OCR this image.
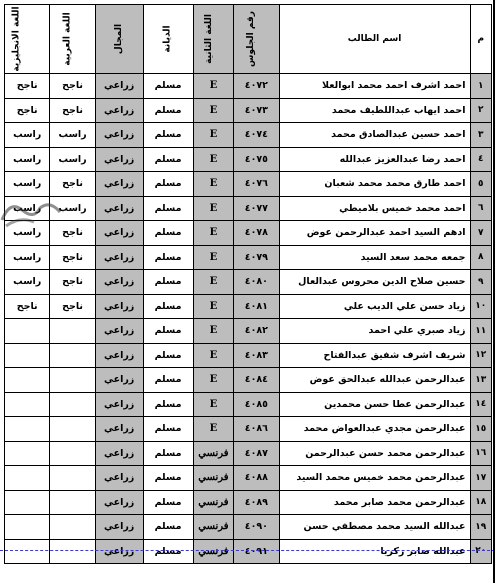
م	اسم الطالب	رقم الجلوس	اللغة الثانية	الديانة	المجال	اللغة العربية	اللغة الانجليزية
١	احمد اشرف احمد محمد ابوالعلا	٤٠٧٢	E	مسلم	زراعي	ناجح	ناجح
٢	احمد ايهاب عبداللطيف محمد	٤٠٧٣	E	مسلم	زراعي	ناجح	ناجح
٣	احمد حسين عبدالصادق محمد	٤٠٧٤	E	مسلم	زراعي	راسب	راسب
٤	احمد رضا عبدالعزيز عبدالله	٤٠٧٥	E	مسلم	زراعي	راسب	راسب
٥	احمد طارق محمد محمد شعبان	٤٠٧٦	E	مسلم	زراعي	ناجح	راسب
٦	احمد محمد خميس بلاميطي	٤٠٧٧	E	مسلم	زراعي	راسب	راسب
٧	ادهم السيد احمد عبدالرحمن عوض	٤٠٧٨	E	مسلم	زراعي	ناجح	راسب
٨	جمعه محمد سعد السيد	٤٠٧٩	E	مسلم	زراعي	ناجح	راسب
٩	حسين صلاح الدين محروس عبدالعال	٤٠٨٠	E	مسلم	زراعي	ناجح	راسب
١٠	زياد حسن علي الديب علي	٤٠٨١	E	مسلم	زراعي	ناجح	ناجح
١١	زياد صبري علي احمد	٤٠٨٢	E	مسلم	زراعي		
١٢	شريف اشرف شفيق عبدالفتاح	٤٠٨٣	E	مسلم	زراعي		
١٣	عبدالرحمن عبدالله عبدالحق عوض	٤٠٨٤	E	مسلم	زراعي		
١٤	عبدالرحمن عطا حسن محمدين	٤٠٨٥	E	مسلم	زراعي		
١٥	عبدالرحمن مجدي عبدالعواض محمد	٤٠٨٦	E	مسلم	زراعي		
١٦	عبدالرحمن محمد حسن عبدالرحمن	٤٠٨٧	فرنسي	مسلم	زراعي		
١٧	عبدالرحمن محمد خميس محمد السيد	٤٠٨٨	فرنسي	مسلم	زراعي		
١٨	عبدالرحمن محمد صابر محمد	٤٠٨٩	فرنسي	مسلم	زراعي		
١٩	عبدالله السيد محمد مصطفي حسن	٤٠٩٠	فرنسي	مسلم	زراعي		
٢٠	عبدالله صابر زكريا	٤٠٩١	فرنسي	مسلم	زراعي		
